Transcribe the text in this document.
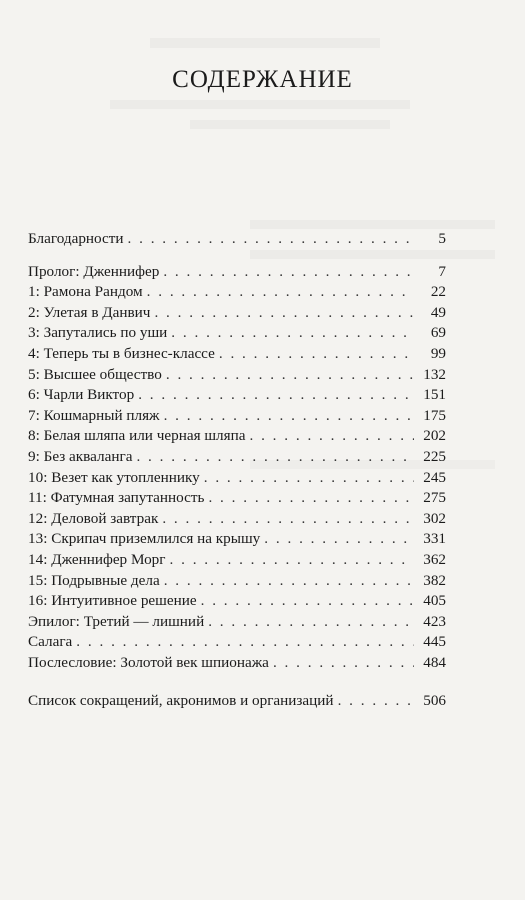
СОДЕРЖАНИЕ
Благодарности . . .	5
Пролог: Дженнифер . . .	7
1: Рамона Рандом . . .	22
2: Улетая в Данвич . . .	49
3: Запутались по уши . . .	69
4: Теперь ты в бизнес-классе . . .	99
5: Высшее общество . . .	132
6: Чарли Виктор . . .	151
7: Кошмарный пляж . . .	175
8: Белая шляпа или черная шляпа . . .	202
9: Без акваланга . . .	225
10: Везет как утопленнику . . .	245
11: Фатумная запутанность . . .	275
12: Деловой завтрак . . .	302
13: Скрипач приземлился на крышу . . .	331
14: Дженнифер Морг . . .	362
15: Подрывные дела . . .	382
16: Интуитивное решение . . .	405
Эпилог: Третий — лишний . . .	423
Салага . . .	445
Послесловие: Золотой век шпионажа . . .	484
Список сокращений, акронимов и организаций . . .	506
